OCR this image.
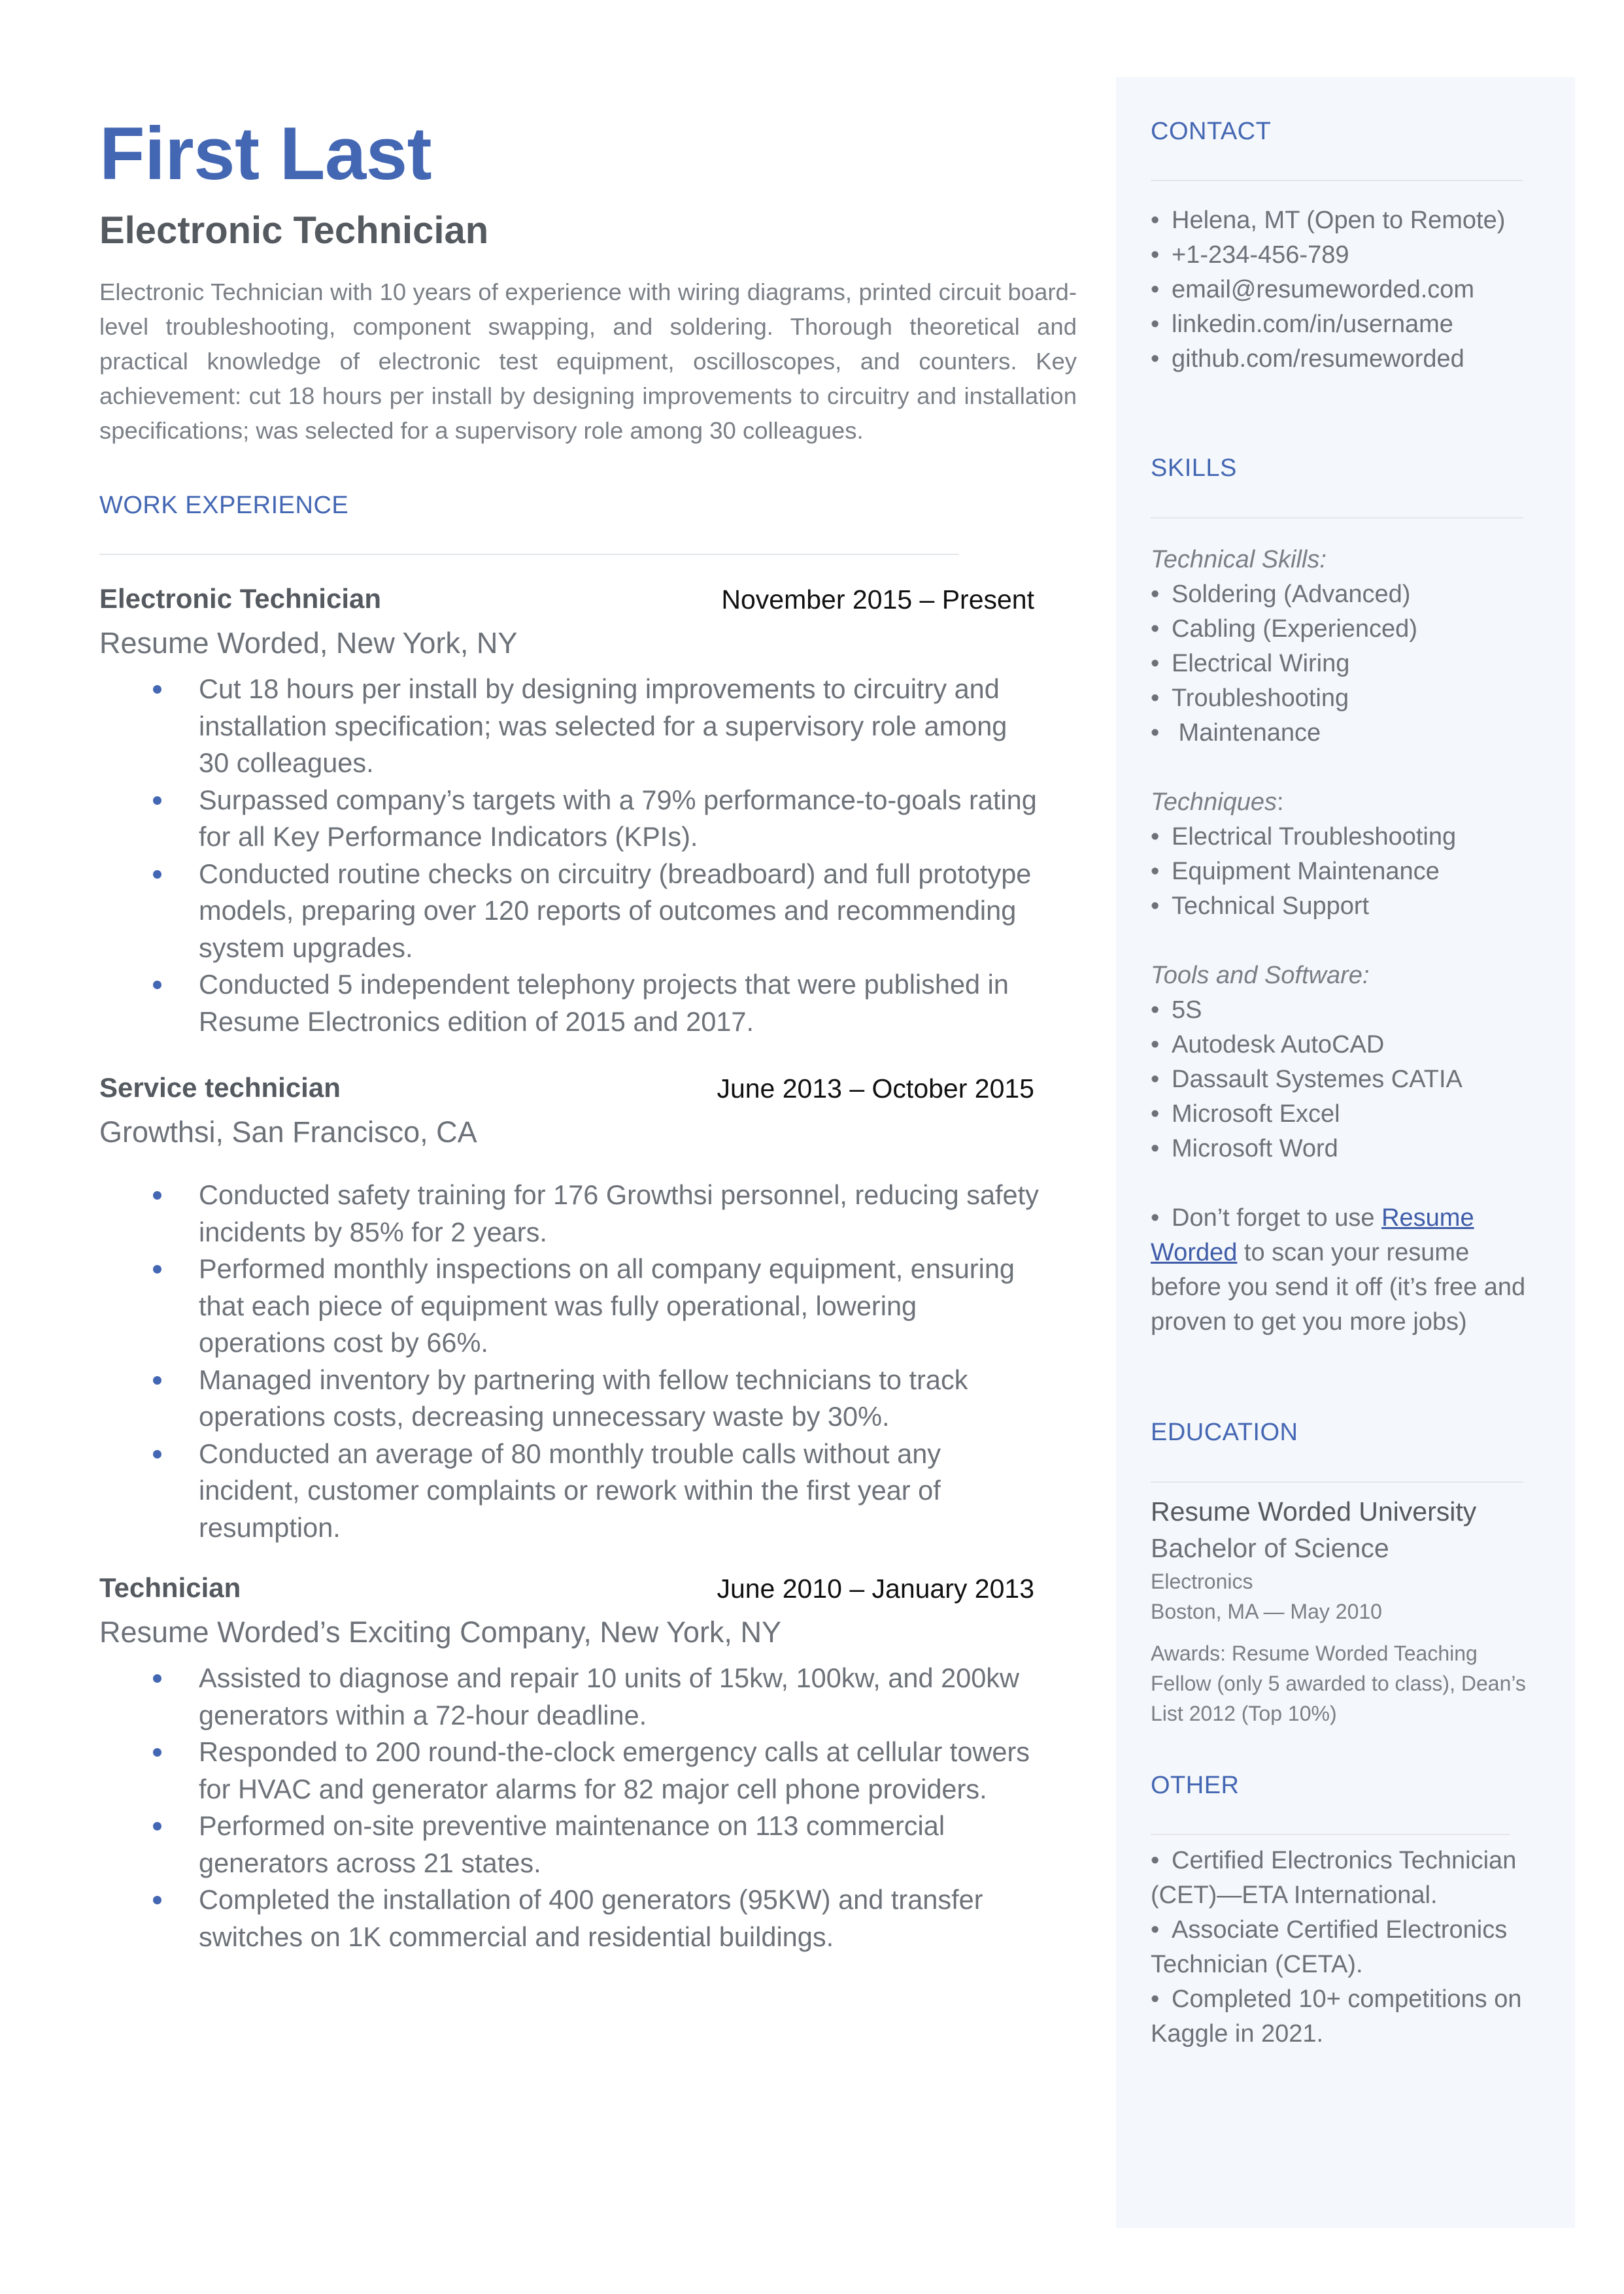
First Last
Electronic Technician

Electronic Technician with 10 years of experience with wiring diagrams, printed circuit board-level troubleshooting, component swapping, and soldering. Thorough theoretical and practical knowledge of electronic test equipment, oscilloscopes, and counters. Key achievement: cut 18 hours per install by designing improvements to circuitry and installation specifications; was selected for a supervisory role among 30 colleagues.

WORK EXPERIENCE
Electronic Technician	November 2015 – Present
Resume Worded, New York, NY
Cut 18 hours per install by designing improvements to circuitry and installation specification; was selected for a supervisory role among 30 colleagues.
Surpassed company’s targets with a 79% performance-to-goals rating for all Key Performance Indicators (KPIs).
Conducted routine checks on circuitry (breadboard) and full prototype models, preparing over 120 reports of outcomes and recommending system upgrades.
Conducted 5 independent telephony projects that were published in Resume Electronics edition of 2015 and 2017.
Service technician	June 2013 – October 2015
Growthsi, San Francisco, CA
Conducted safety training for 176 Growthsi personnel, reducing safety incidents by 85% for 2 years.
Performed monthly inspections on all company equipment, ensuring that each piece of equipment was fully operational, lowering operations cost by 66%.
Managed inventory by partnering with fellow technicians to track operations costs, decreasing unnecessary waste by 30%.
Conducted an average of 80 monthly trouble calls without any incident, customer complaints or rework within the first year of resumption.
Technician	June 2010 – January 2013
Resume Worded’s Exciting Company, New York, NY
Assisted to diagnose and repair 10 units of 15kw, 100kw, and 200kw generators within a 72-hour deadline.
Responded to 200 round-the-clock emergency calls at cellular towers for HVAC and generator alarms for 82 major cell phone providers.
Performed on-site preventive maintenance on 113 commercial generators across 21 states.
Completed the installation of 400 generators (95KW) and transfer switches on 1K commercial and residential buildings.
CONTACT
• Helena, MT (Open to Remote)
• +1-234-456-789
• email@resumeworded.com
• linkedin.com/in/username
• github.com/resumeworded
SKILLS
Technical Skills:
• Soldering (Advanced)
• Cabling (Experienced)
• Electrical Wiring
• Troubleshooting
• Maintenance
Techniques:
• Electrical Troubleshooting
• Equipment Maintenance
• Technical Support
Tools and Software:
• 5S
• Autodesk AutoCAD
• Dassault Systemes CATIA
• Microsoft Excel
• Microsoft Word
• Don’t forget to use Resume Worded to scan your resume before you send it off (it’s free and proven to get you more jobs)
EDUCATION
Resume Worded University
Bachelor of Science
Electronics
Boston, MA — May 2010
Awards: Resume Worded Teaching Fellow (only 5 awarded to class), Dean’s List 2012 (Top 10%)
OTHER
• Certified Electronics Technician (CET)—ETA International.
• Associate Certified Electronics Technician (CETA).
• Completed 10+ competitions on Kaggle in 2021.
